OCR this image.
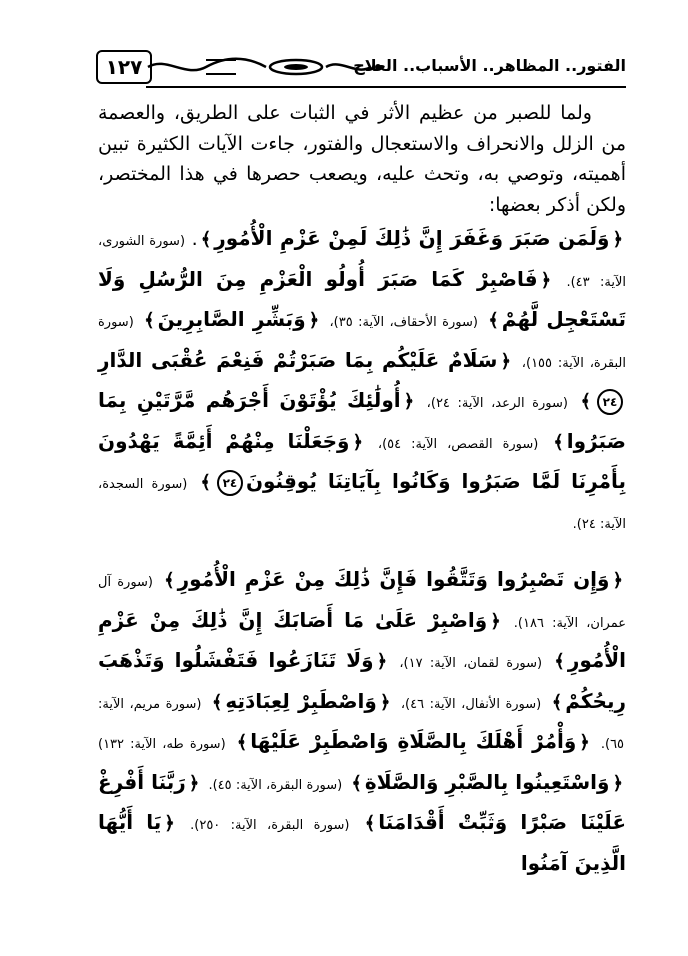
١٢٧	الفتور.. المظاهر.. الأسباب.. العلاج

ولما للصبر من عظيم الأثر في الثبات على الطريق، والعصمة من الزلل والانحراف والاستعجال والفتور، جاءت الآيات الكثيرة تبين أهميته، وتوصي به، وتحث عليه، ويصعب حصرها في هذا المختصر، ولكن أذكر بعضها:

﴿وَلَمَن صَبَرَ وَغَفَرَ إِنَّ ذَٰلِكَ لَمِنْ عَزْمِ الْأُمُورِ﴾. (سورة الشورى، الآية: ٤٣). ﴿فَاصْبِرْ كَمَا صَبَرَ أُولُو الْعَزْمِ مِنَ الرُّسُلِ وَلَا تَسْتَعْجِل لَّهُمْ﴾ (سورة الأحقاف، الآية: ٣٥)، ﴿وَبَشِّرِ الصَّابِرِينَ﴾ (سورة البقرة، الآية: ١٥٥)، ﴿سَلَامٌ عَلَيْكُم بِمَا صَبَرْتُمْ فَنِعْمَ عُقْبَى الدَّارِ٢٤﴾ (سورة الرعد، الآية: ٢٤)، ﴿أُولَٰئِكَ يُؤْتَوْنَ أَجْرَهُم مَّرَّتَيْنِ بِمَا صَبَرُوا﴾ (سورة القصص، الآية: ٥٤)، ﴿وَجَعَلْنَا مِنْهُمْ أَئِمَّةً يَهْدُونَ بِأَمْرِنَا لَمَّا صَبَرُوا وَكَانُوا بِآيَاتِنَا يُوقِنُونَ٢٤﴾ (سورة السجدة، الآية: ٢٤).

﴿وَإِن تَصْبِرُوا وَتَتَّقُوا فَإِنَّ ذَٰلِكَ مِنْ عَزْمِ الْأُمُورِ﴾ (سورة آل عمران، الآية: ١٨٦). ﴿وَاصْبِرْ عَلَىٰ مَا أَصَابَكَ إِنَّ ذَٰلِكَ مِنْ عَزْمِ الْأُمُورِ﴾ (سورة لقمان، الآية: ١٧)، ﴿وَلَا تَنَازَعُوا فَتَفْشَلُوا وَتَذْهَبَ رِيحُكُمْ﴾ (سورة الأنفال، الآية: ٤٦)، ﴿وَاصْطَبِرْ لِعِبَادَتِهِ﴾ (سورة مريم، الآية: ٦٥). ﴿وَأْمُرْ أَهْلَكَ بِالصَّلَاةِ وَاصْطَبِرْ عَلَيْهَا﴾ (سورة طه، الآية: ١٣٢) ﴿وَاسْتَعِينُوا بِالصَّبْرِ وَالصَّلَاةِ﴾ (سورة البقرة، الآية: ٤٥). ﴿رَبَّنَا أَفْرِغْ عَلَيْنَا صَبْرًا وَثَبِّتْ أَقْدَامَنَا﴾ (سورة البقرة، الآية: ٢٥٠). ﴿يَا أَيُّهَا الَّذِينَ آمَنُوا
